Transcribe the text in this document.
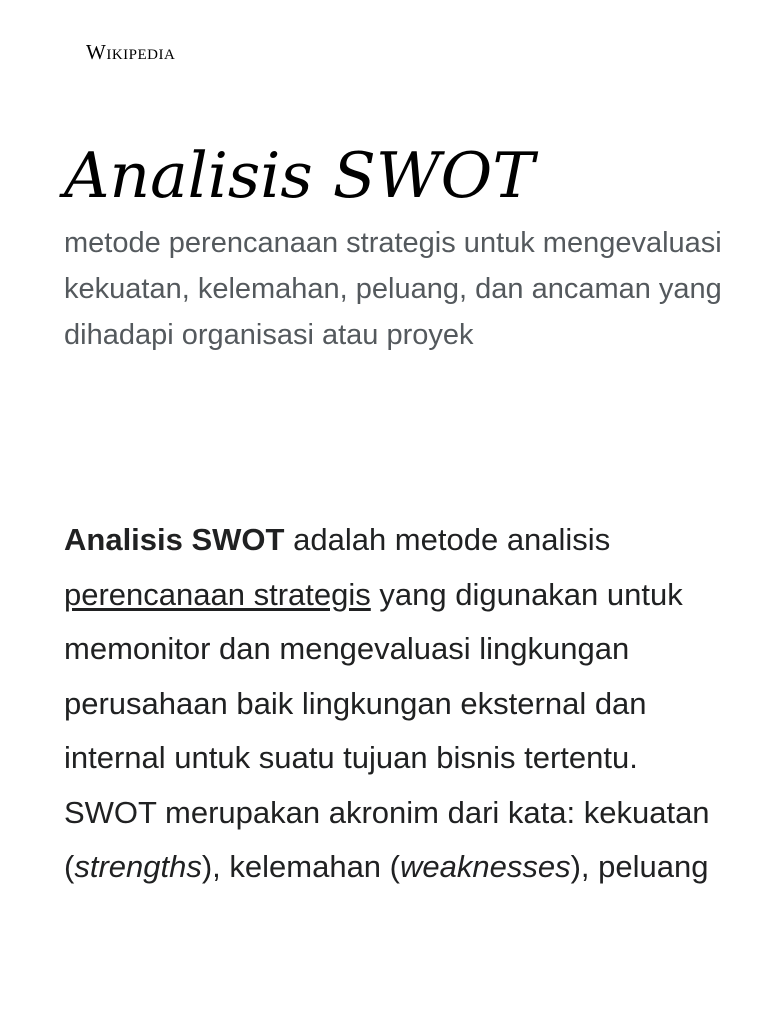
Wikipedia
Analisis SWOT
metode perencanaan strategis untuk mengevaluasi kekuatan, kelemahan, peluang, dan ancaman yang dihadapi organisasi atau proyek

Analisis SWOT adalah metode analisis perencanaan strategis yang digunakan untuk memonitor dan mengevaluasi lingkungan perusahaan baik lingkungan eksternal dan internal untuk suatu tujuan bisnis tertentu. SWOT merupakan akronim dari kata: kekuatan (strengths), kelemahan (weaknesses), peluang
